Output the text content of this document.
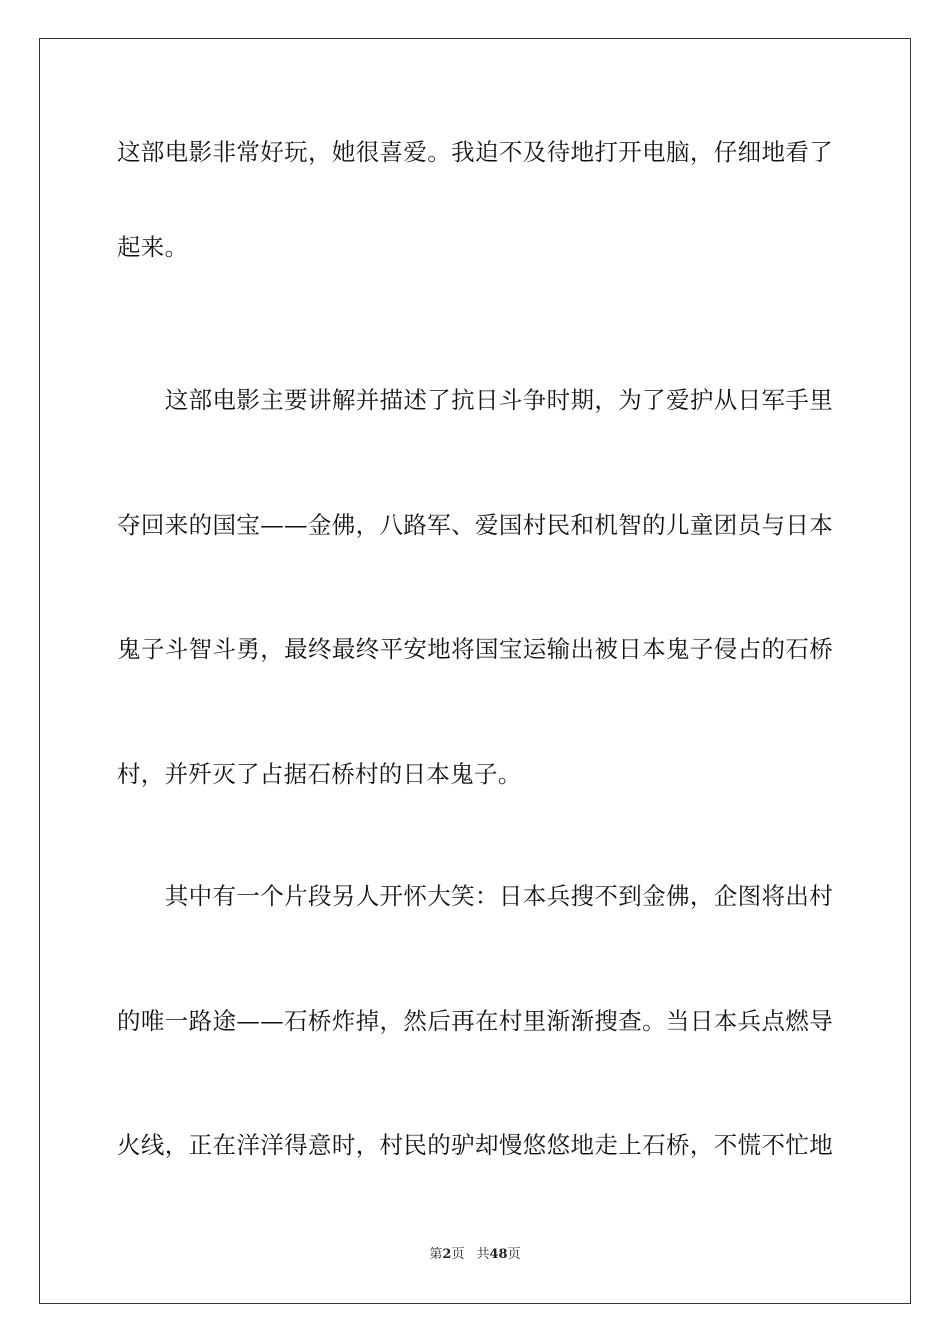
这部电影非常好玩，她很喜爱。我迫不及待地打开电脑，仔细地看了
起来。
　　这部电影主要讲解并描述了抗日斗争时期，为了爱护从日军手里
夺回来的国宝——金佛，八路军、爱国村民和机智的儿童团员与日本
鬼子斗智斗勇，最终最终平安地将国宝运输出被日本鬼子侵占的石桥
村，并歼灭了占据石桥村的日本鬼子。
　　其中有一个片段另人开怀大笑：日本兵搜不到金佛，企图将出村
的唯一路途——石桥炸掉，然后再在村里渐渐搜查。当日本兵点燃导
火线，正在洋洋得意时，村民的驴却慢悠悠地走上石桥，不慌不忙地
第2页 共48页
